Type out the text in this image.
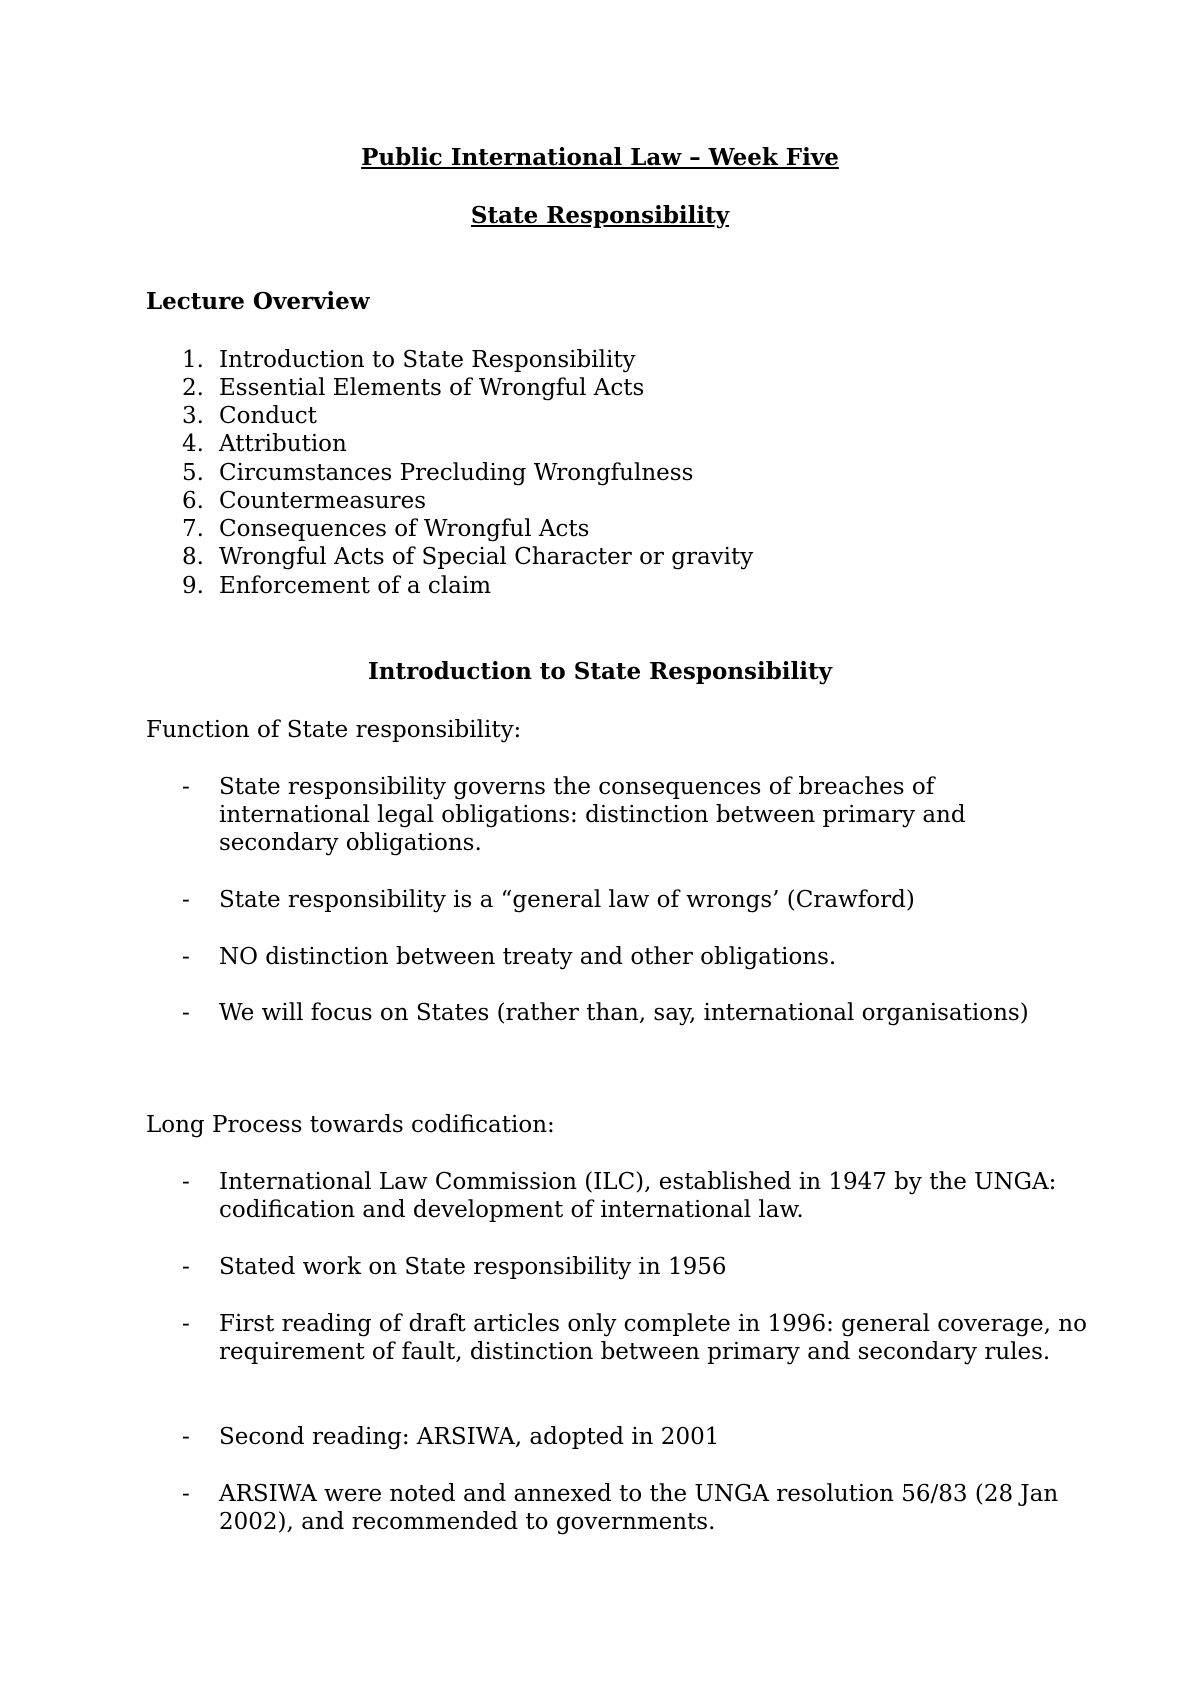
Public International Law – Week Five
State Responsibility
Lecture Overview
1. Introduction to State Responsibility
2. Essential Elements of Wrongful Acts
3. Conduct
4. Attribution
5. Circumstances Precluding Wrongfulness
6. Countermeasures
7. Consequences of Wrongful Acts
8. Wrongful Acts of Special Character or gravity
9. Enforcement of a claim
Introduction to State Responsibility

Function of State responsibility:

- State responsibility governs the consequences of breaches of international legal obligations: distinction between primary and secondary obligations.

- State responsibility is a “general law of wrongs’ (Crawford)

- NO distinction between treaty and other obligations.

- We will focus on States (rather than, say, international organisations)

Long Process towards codification:

- International Law Commission (ILC), established in 1947 by the UNGA: codification and development of international law.

- Stated work on State responsibility in 1956

- First reading of draft articles only complete in 1996: general coverage, no requirement of fault, distinction between primary and secondary rules.

- Second reading: ARSIWA, adopted in 2001

- ARSIWA were noted and annexed to the UNGA resolution 56/83 (28 Jan 2002), and recommended to governments.
